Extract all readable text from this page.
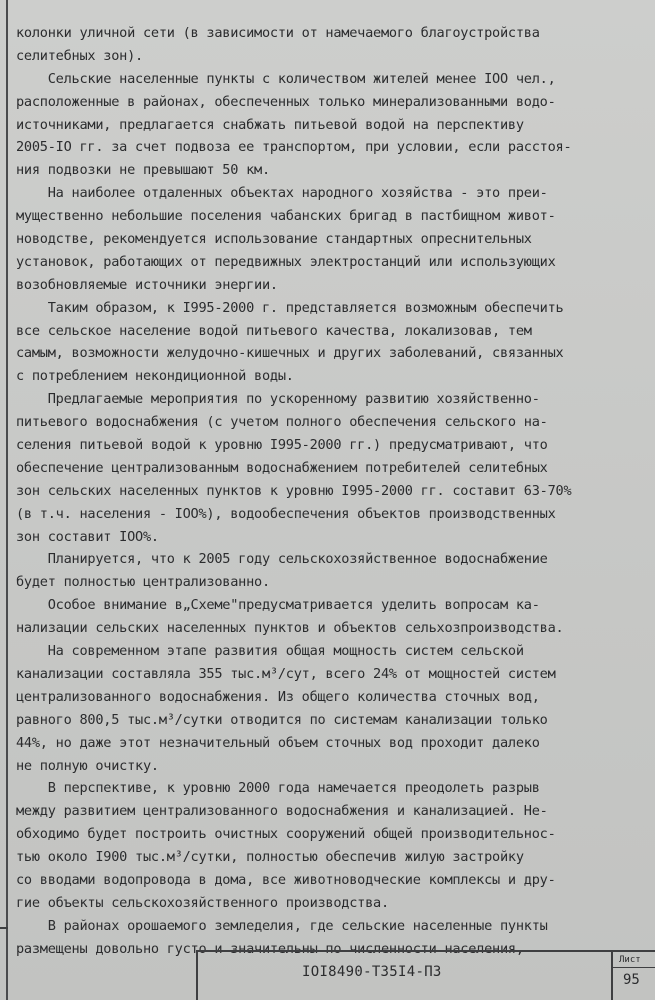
колонки уличной сети (в зависимости от намечаемого благоустройства
селитебных зон).
Сельские населенные пункты с количеством жителей менее IOO чел.,
расположенные в районах, обеспеченных только минерализованными водо-
источниками, предлагается снабжать питьевой водой на перспективу
2005-IO гг. за счет подвоза ее транспортом, при условии, если расстоя-
ния подвозки не превышают 50 км.
На наиболее отдаленных объектах народного хозяйства - это преи-
мущественно небольшие поселения чабанских бригад в пастбищном живот-
новодстве, рекомендуется использование стандартных опреснительных
установок, работающих от передвижных электростанций или использующих
возобновляемые источники энергии.
Таким образом, к I995-2000 г. представляется возможным обеспечить
все сельское население водой питьевого качества, локализовав, тем
самым, возможности желудочно-кишечных и других заболеваний, связанных
с потреблением некондиционной воды.
Предлагаемые мероприятия по ускоренному развитию хозяйственно-
питьевого водоснабжения (с учетом полного обеспечения сельского на-
селения питьевой водой к уровню I995-2000 гг.) предусматривают, что
обеспечение централизованным водоснабжением потребителей селитебных
зон сельских населенных пунктов к уровню I995-2000 гг. составит 63-70%
(в т.ч. населения - IOO%), водообеспечения объектов производственных
зон составит IOO%.
Планируется, что к 2005 году сельскохозяйственное водоснабжение
будет полностью централизованно.
Особое внимание в„Схеме"предусматривается уделить вопросам ка-
нализации сельских населенных пунктов и объектов сельхозпроизводства.
На современном этапе развития общая мощность систем сельской
канализации составляла 355 тыс.м³/сут, всего 24% от мощностей систем
централизованного водоснабжения. Из общего количества сточных вод,
равного 800,5 тыс.м³/сутки отводится по системам канализации только
44%, но даже этот незначительный объем сточных вод проходит далеко
не полную очистку.
В перспективе, к уровню 2000 года намечается преодолеть разрыв
между развитием централизованного водоснабжения и канализацией. Не-
обходимо будет построить очистных сооружений общей производительнос-
тью около I900 тыс.м³/сутки, полностью обеспечив жилую застройку
со вводами водопровода в дома, все животноводческие комплексы и дру-
гие объекты сельскохозяйственного производства.
В районах орошаемого земледелия, где сельские населенные пункты
размещены довольно густо и значительны по численности населения,
IOI8490-ТЗ5I4-ПЗ
Лист
95
